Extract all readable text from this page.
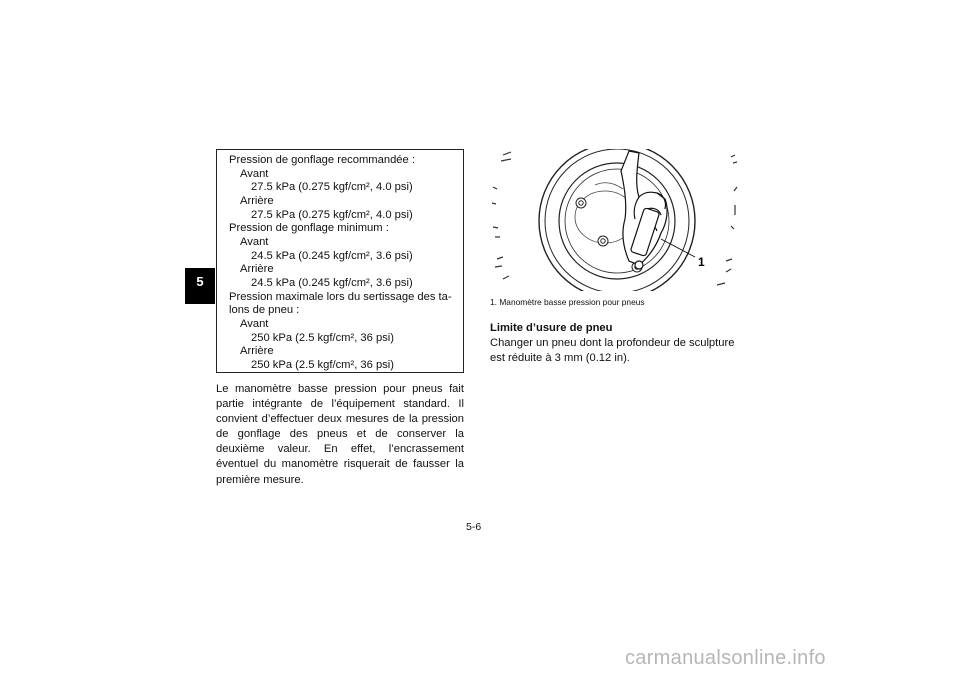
5
Pression de gonflage recommandée :
Avant
27.5 kPa (0.275 kgf/cm², 4.0 psi)
Arrière
27.5 kPa (0.275 kgf/cm², 4.0 psi)
Pression de gonflage minimum :
Avant
24.5 kPa (0.245 kgf/cm², 3.6 psi)
Arrière
24.5 kPa (0.245 kgf/cm², 3.6 psi)
Pression maximale lors du sertissage des ta-
lons de pneu :
Avant
250 kPa (2.5 kgf/cm², 36 psi)
Arrière
250 kPa (2.5 kgf/cm², 36 psi)

Le manomètre basse pression pour pneus fait partie intégrante de l’équipement standard. Il convient d’effectuer deux mesures de la pression de gonflage des pneus et de conserver la deuxième valeur. En effet, l’encrassement éventuel du manomètre risquerait de fausser la première mesure.

1
1. Manomètre basse pression pour pneus
Limite d’usure de pneu

Changer un pneu dont la profondeur de sculpture est réduite à 3 mm (0.12 in).

5-6
carmanualsonline.info
